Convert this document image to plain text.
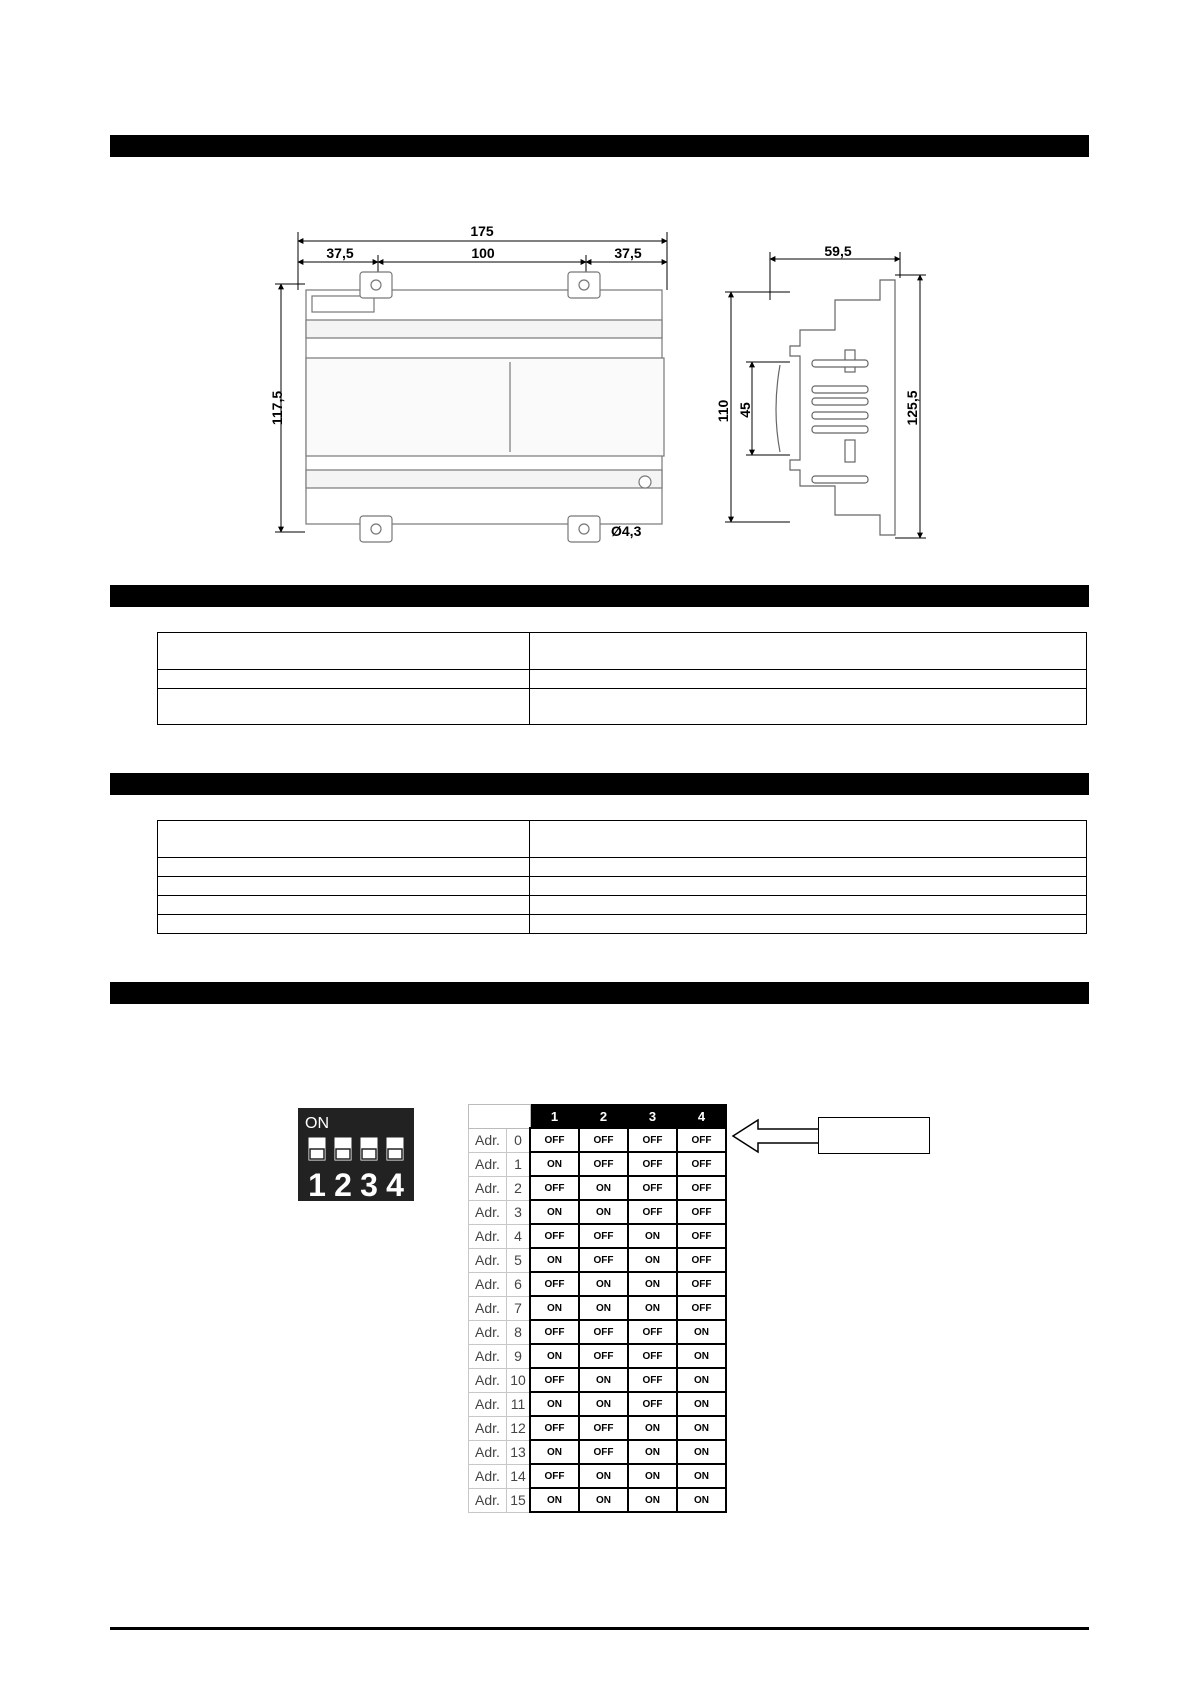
175
37,5	100	37,5
117,5
Ø4,3
59,5
110 45	125,5

ON
1 2 3 4
		1	2	3	4
Adr.	0	OFF	OFF	OFF	OFF
Adr.	1	ON	OFF	OFF	OFF
Adr.	2	OFF	ON	OFF	OFF
Adr.	3	ON	ON	OFF	OFF
Adr.	4	OFF	OFF	ON	OFF
Adr.	5	ON	OFF	ON	OFF
Adr.	6	OFF	ON	ON	OFF
Adr.	7	ON	ON	ON	OFF
Adr.	8	OFF	OFF	OFF	ON
Adr.	9	ON	OFF	OFF	ON
Adr.	10	OFF	ON	OFF	ON
Adr.	11	ON	ON	OFF	ON
Adr.	12	OFF	OFF	ON	ON
Adr.	13	ON	OFF	ON	ON
Adr.	14	OFF	ON	ON	ON
Adr.	15	ON	ON	ON	ON
